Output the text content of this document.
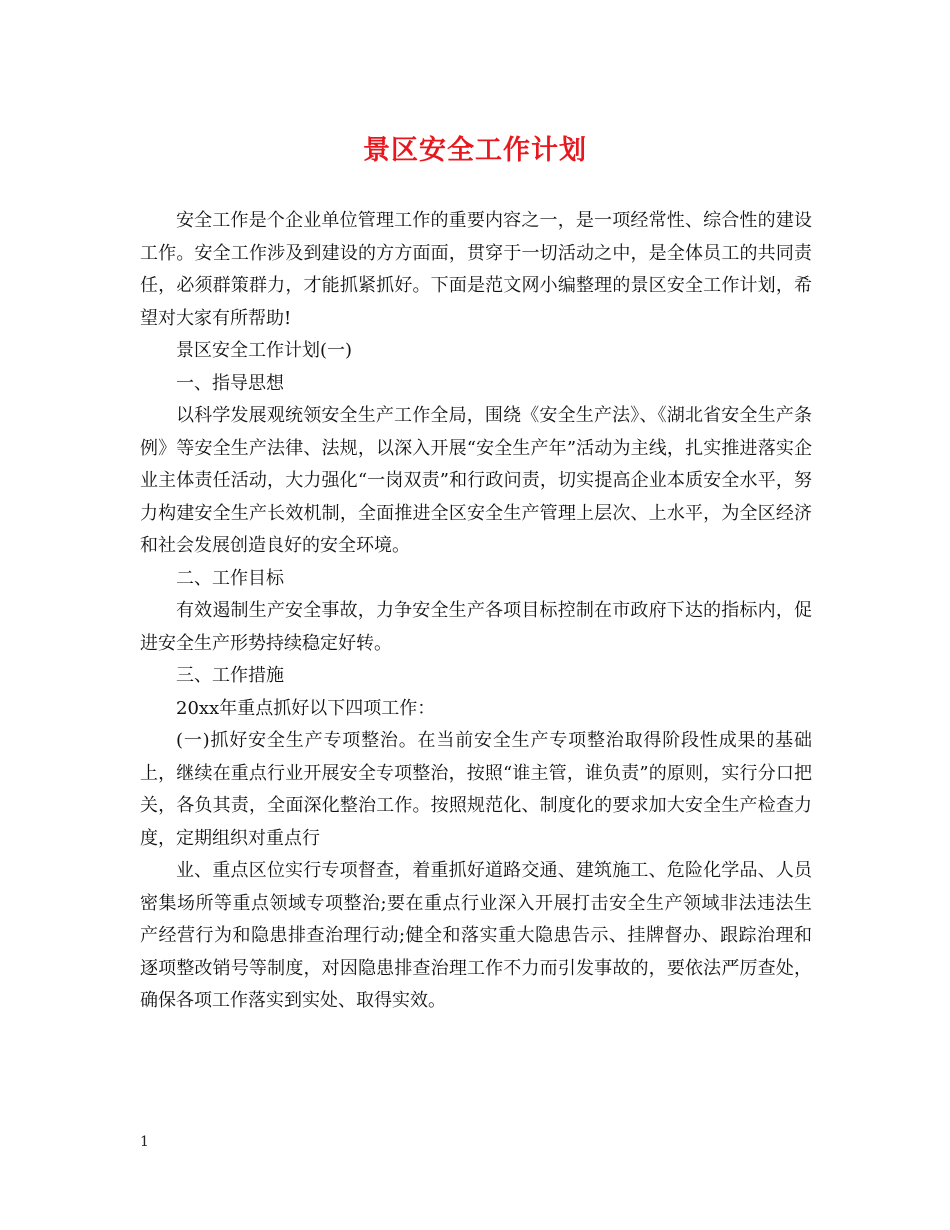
景区安全工作计划

安全工作是个企业单位管理工作的重要内容之一，是一项经常性、综合性的建设工作。安全工作涉及到建设的方方面面，贯穿于一切活动之中，是全体员工的共同责任，必须群策群力，才能抓紧抓好。下面是范文网小编整理的景区安全工作计划，希望对大家有所帮助!

景区安全工作计划(一)

一、指导思想

以科学发展观统领安全生产工作全局，围绕《安全生产法》、《湖北省安全生产条例》等安全生产法律、法规，以深入开展“安全生产年”活动为主线，扎实推进落实企业主体责任活动，大力强化“一岗双责”和行政问责，切实提高企业本质安全水平，努力构建安全生产长效机制，全面推进全区安全生产管理上层次、上水平，为全区经济和社会发展创造良好的安全环境。

二、工作目标

有效遏制生产安全事故，力争安全生产各项目标控制在市政府下达的指标内，促进安全生产形势持续稳定好转。

三、工作措施

20xx年重点抓好以下四项工作：

(一)抓好安全生产专项整治。在当前安全生产专项整治取得阶段性成果的基础上，继续在重点行业开展安全专项整治，按照“谁主管，谁负责”的原则，实行分口把关，各负其责，全面深化整治工作。按照规范化、制度化的要求加大安全生产检查力度，定期组织对重点行

业、重点区位实行专项督查，着重抓好道路交通、建筑施工、危险化学品、人员密集场所等重点领域专项整治;要在重点行业深入开展打击安全生产领域非法违法生产经营行为和隐患排查治理行动;健全和落实重大隐患告示、挂牌督办、跟踪治理和逐项整改销号等制度，对因隐患排查治理工作不力而引发事故的，要依法严厉查处，确保各项工作落实到实处、取得实效。

1
